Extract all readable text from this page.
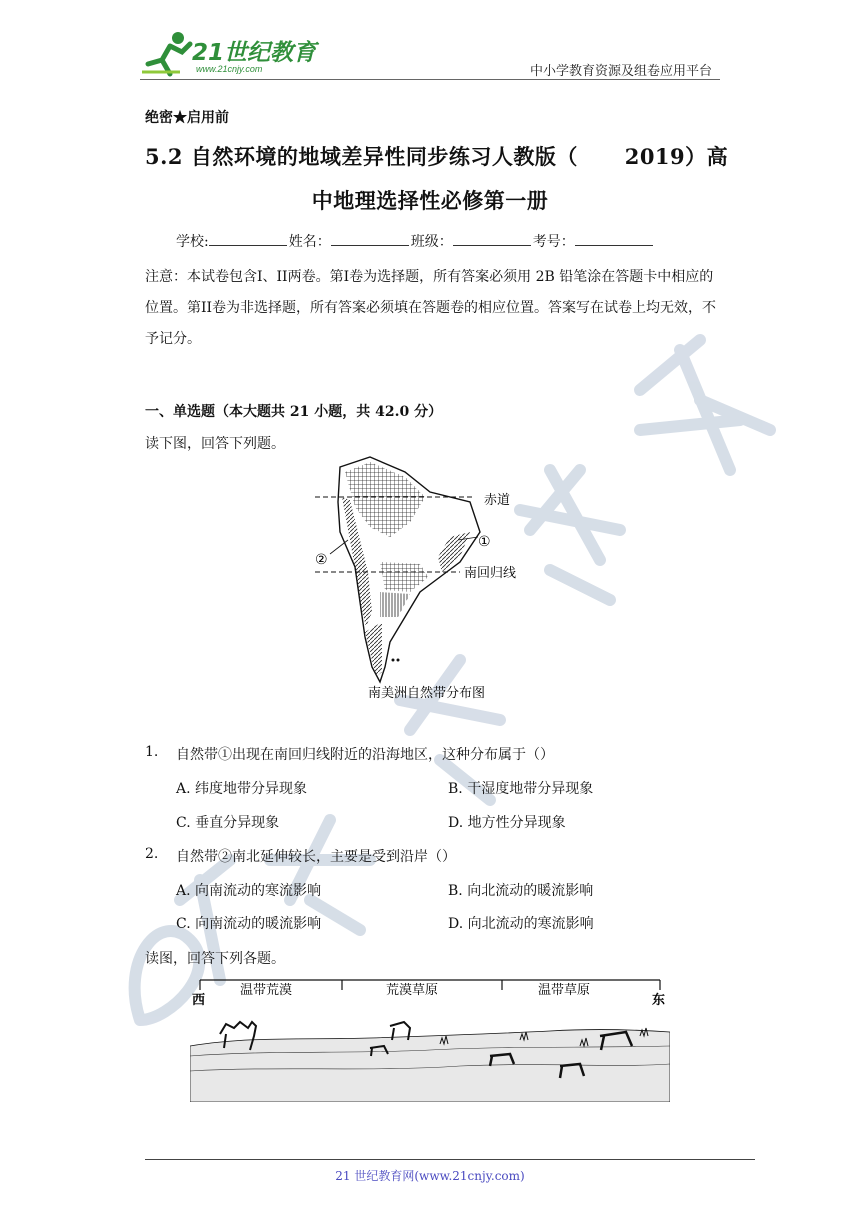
21世纪教育
www.21cnjy.com	中小学教育资源及组卷应用平台
绝密★启用前
5.2 自然环境的地域差异性同步练习人教版（      2019）高
中地理选择性必修第一册
学校:	姓名：	班级：	考号：
注意：本试卷包含I、II两卷。第I卷为选择题，所有答案必须用 2B 铅笔涂在答题卡中相应的位置。第II卷为非选择题，所有答案必须填在答题卷的相应位置。答案写在试卷上均无效，不予记分。
一、单选题（本大题共 21 小题，共 42.0 分）
读下图，回答下列题。
赤道
①
②
南回归线
南美洲自然带分布图
1. 自然带①出现在南回归线附近的沿海地区，这种分布属于（）
A. 纬度地带分异现象	B. 干湿度地带分异现象
C. 垂直分异现象	D. 地方性分异现象
2. 自然带②南北延伸较长，主要是受到沿岸（）
A. 向南流动的寒流影响	B. 向北流动的暖流影响
C. 向南流动的暖流影响	D. 向北流动的寒流影响
读图，回答下列各题。
西	东
温带荒漠	荒漠草原	温带草原
21 世纪教育网(www.21cnjy.com)
